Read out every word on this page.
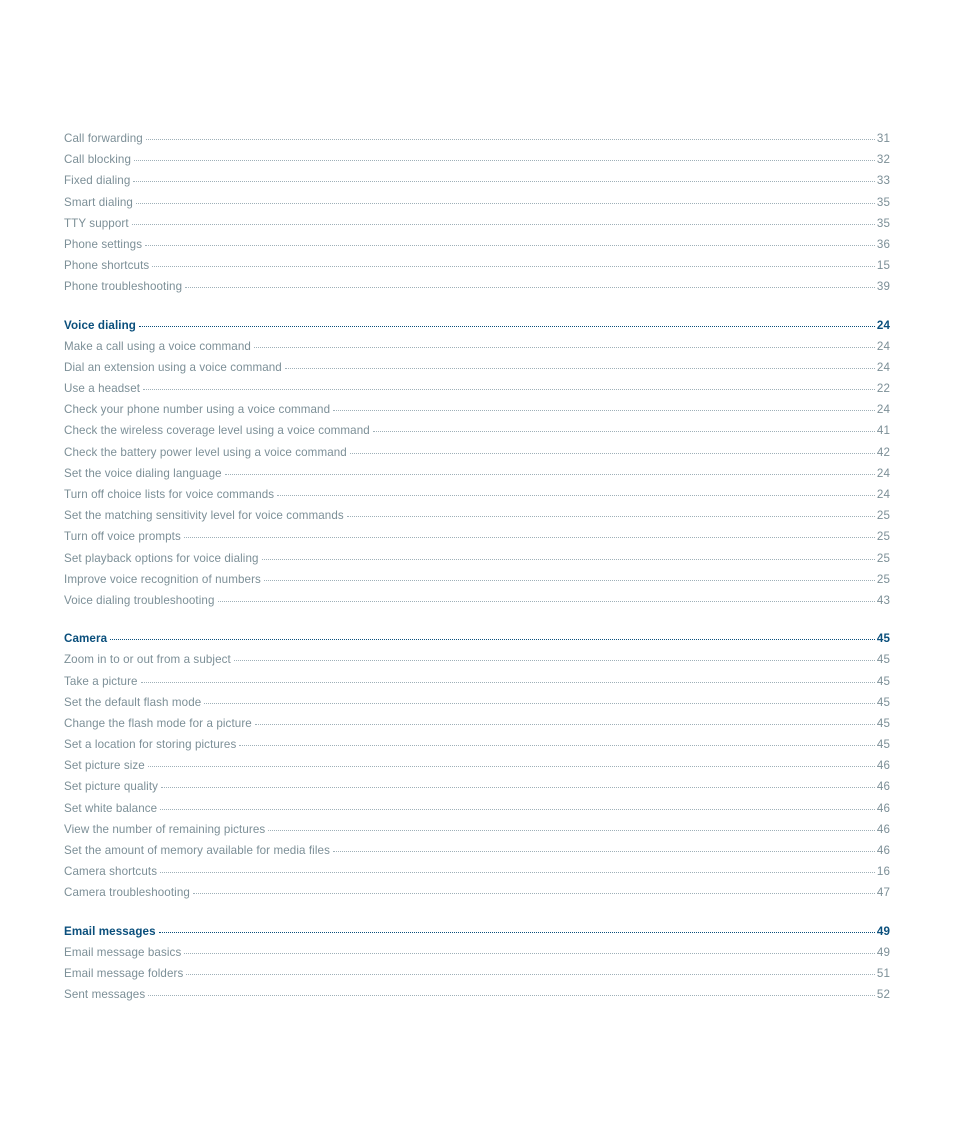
Call forwarding	31
Call blocking	32
Fixed dialing	33
Smart dialing	35
TTY support	35
Phone settings	36
Phone shortcuts	15
Phone troubleshooting	39
Voice dialing	24
Make a call using a voice command	24
Dial an extension using a voice command	24
Use a headset	22
Check your phone number using a voice command	24
Check the wireless coverage level using a voice command	41
Check the battery power level using a voice command	42
Set the voice dialing language	24
Turn off choice lists for voice commands	24
Set the matching sensitivity level for voice commands	25
Turn off voice prompts	25
Set playback options for voice dialing	25
Improve voice recognition of numbers	25
Voice dialing troubleshooting	43
Camera	45
Zoom in to or out from a subject	45
Take a picture	45
Set the default flash mode	45
Change the flash mode for a picture	45
Set a location for storing pictures	45
Set picture size	46
Set picture quality	46
Set white balance	46
View the number of remaining pictures	46
Set the amount of memory available for media files	46
Camera shortcuts	16
Camera troubleshooting	47
Email messages	49
Email message basics	49
Email message folders	51
Sent messages	52
